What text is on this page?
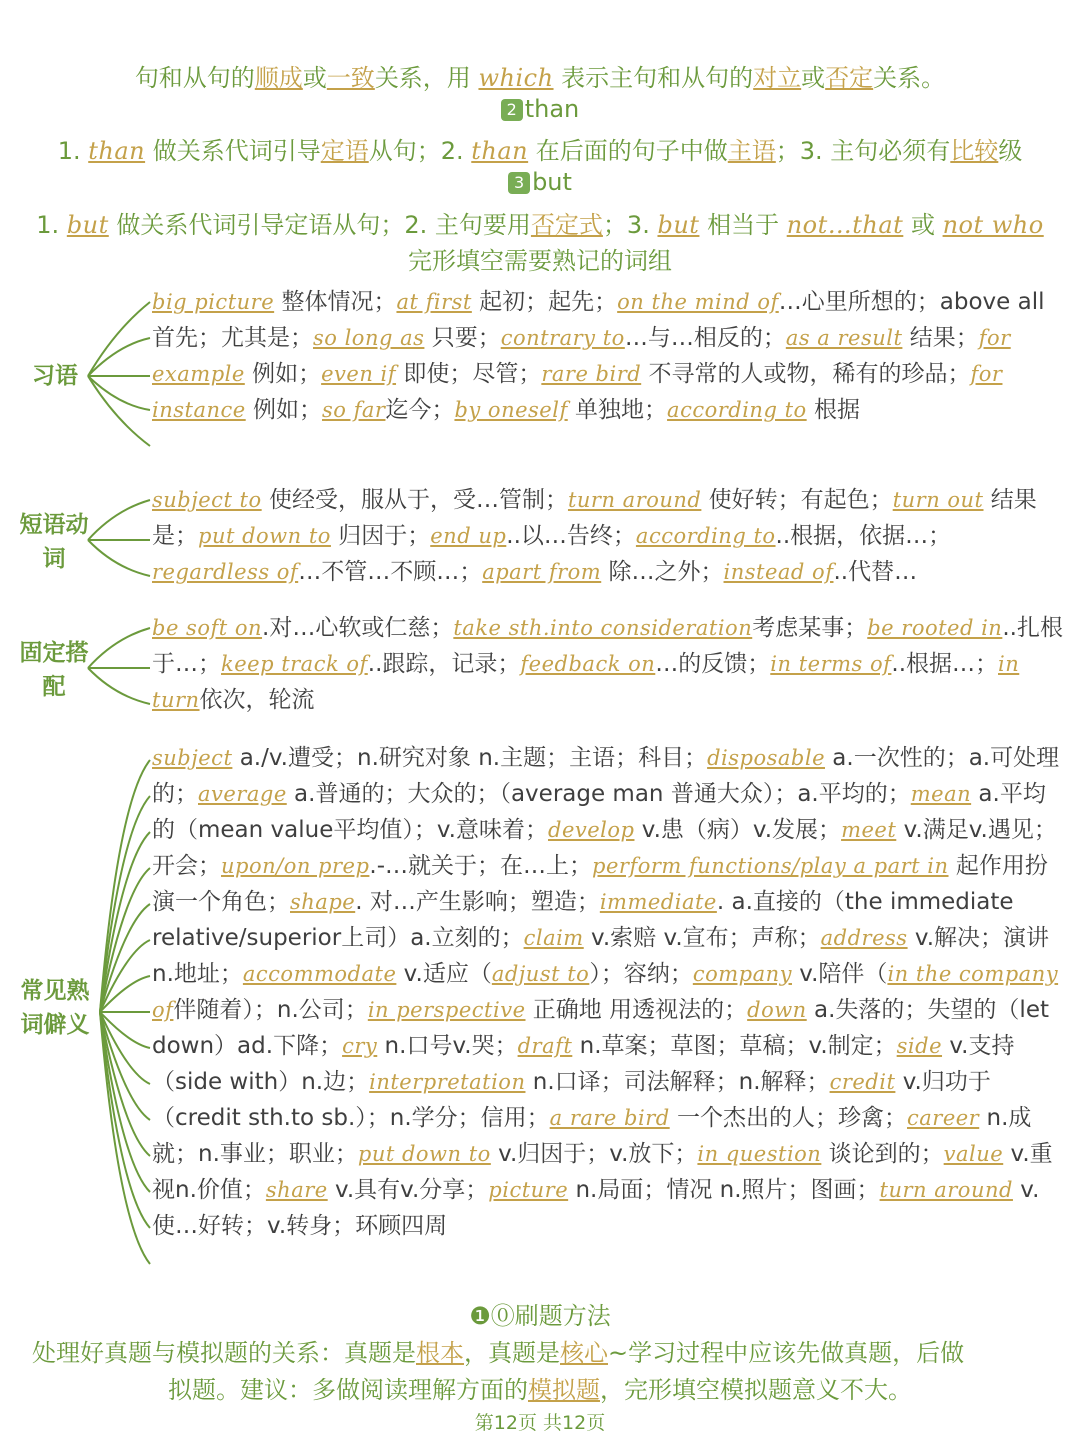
句和从句的顺成或一致关系，用 which 表示主句和从句的对立或否定关系。
2 than
1. than 做关系代词引导定语从句；2. than 在后面的句子中做主语；3. 主句必须有比较级
3 but
1. but 做关系代词引导定语从句；2. 主句要用否定式；3. but 相当于 not…that 或 not who
完形填空需要熟记的词组
习语
短语动词
固定搭配
常见熟词僻义
big picture 整体情况；at first 起初；起先；on the mind of…心里所想的；above all 首先；尤其是；so long as 只要；contrary to…与…相反的；as a result 结果；for example 例如；even if 即使；尽管；rare bird 不寻常的人或物，稀有的珍品；for instance 例如；so far迄今；by oneself 单独地；according to 根据
subject to 使经受，服从于，受…管制；turn around 使好转；有起色；turn out 结果是；put down to 归因于；end up..以…告终；according to..根据，依据…；regardless of…不管…不顾…；apart from 除…之外；instead of..代替…
be soft on.对…心软或仁慈；take sth.into consideration考虑某事；be rooted in..扎根于…；keep track of..跟踪，记录；feedback on…的反馈；in terms of..根据…；in turn依次，轮流
subject a./v.遭受；n.研究对象 n.主题；主语；科目；disposable a.一次性的；a.可处理的；average a.普通的；大众的；（average man 普通大众）；a.平均的；mean a.平均的（mean value平均值）；v.意味着；develop v.患（病）v.发展；meet v.满足v.遇见；开会；upon/on prep.-…就关于；在…上；perform functions/play a part in 起作用扮演一个角色；shape. 对…产生影响；塑造；immediate. a.直接的（the immediate relative/superior上司）a.立刻的；claim v.索赔 v.宣布；声称；address v.解决；演讲n.地址；accommodate v.适应（adjust to）；容纳；company v.陪伴（in the company of伴随着）；n.公司；in perspective 正确地 用透视法的；down a.失落的；失望的（let down）ad.下降；cry n.口号v.哭；draft n.草案；草图；草稿；v.制定；side v.支持（side with）n.边；interpretation n.口译；司法解释；n.解释；credit v.归功于（credit sth.to sb.）；n.学分；信用；a rare bird 一个杰出的人；珍禽；career n.成就；n.事业；职业；put down to v.归因于；v.放下；in question 谈论到的；value v.重视n.价值；share v.具有v.分享；picture n.局面；情况 n.照片；图画；turn around v.使…好转；v.转身；环顾四周
❶⓪刷题方法
处理好真题与模拟题的关系：真题是根本，真题是核心~学习过程中应该先做真题，后做
拟题。建议：多做阅读理解方面的模拟题，完形填空模拟题意义不大。
第12页 共12页
